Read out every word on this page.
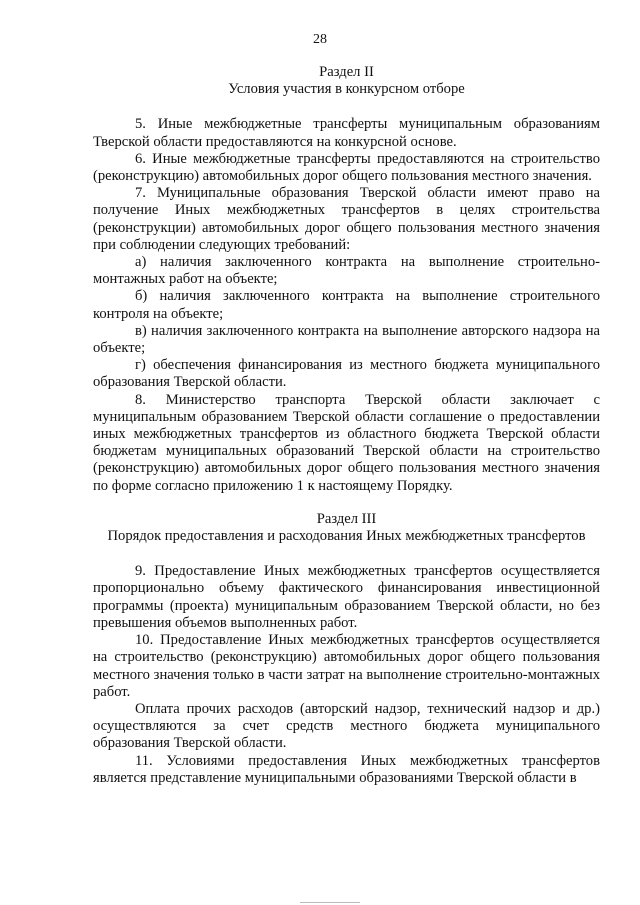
28
Раздел II
Условия участия в конкурсном отборе

5. Иные межбюджетные трансферты муниципальным образованиям Тверской области предоставляются на конкурсной основе.

6. Иные межбюджетные трансферты предоставляются на строительство (реконструкцию) автомобильных дорог общего пользования местного значения.

7. Муниципальные образования Тверской области имеют право на получение Иных межбюджетных трансфертов в целях строительства (реконструкции) автомобильных дорог общего пользования местного значения при соблюдении следующих требований:

а) наличия заключенного контракта на выполнение строительно-монтажных работ на объекте;

б) наличия заключенного контракта на выполнение строительного контроля на объекте;

в) наличия заключенного контракта на выполнение авторского надзора на объекте;

г) обеспечения финансирования из местного бюджета муниципального образования Тверской области.

8. Министерство транспорта Тверской области заключает с муниципальным образованием Тверской области соглашение о предоставлении иных межбюджетных трансфертов из областного бюджета Тверской области бюджетам муниципальных образований Тверской области на строительство (реконструкцию) автомобильных дорог общего пользования местного значения по форме согласно приложению 1 к настоящему Порядку.

Раздел III
Порядок предоставления и расходования Иных межбюджетных трансфертов

9. Предоставление Иных межбюджетных трансфертов осуществляется пропорционально объему фактического финансирования инвестиционной программы (проекта) муниципальным образованием Тверской области, но без превышения объемов выполненных работ.

10. Предоставление Иных межбюджетных трансфертов осуществляется на строительство (реконструкцию) автомобильных дорог общего пользования местного значения только в части затрат на выполнение строительно-монтажных работ.

Оплата прочих расходов (авторский надзор, технический надзор и др.) осуществляются за счет средств местного бюджета муниципального образования Тверской области.

11. Условиями предоставления Иных межбюджетных трансфертов является представление муниципальными образованиями Тверской области в
